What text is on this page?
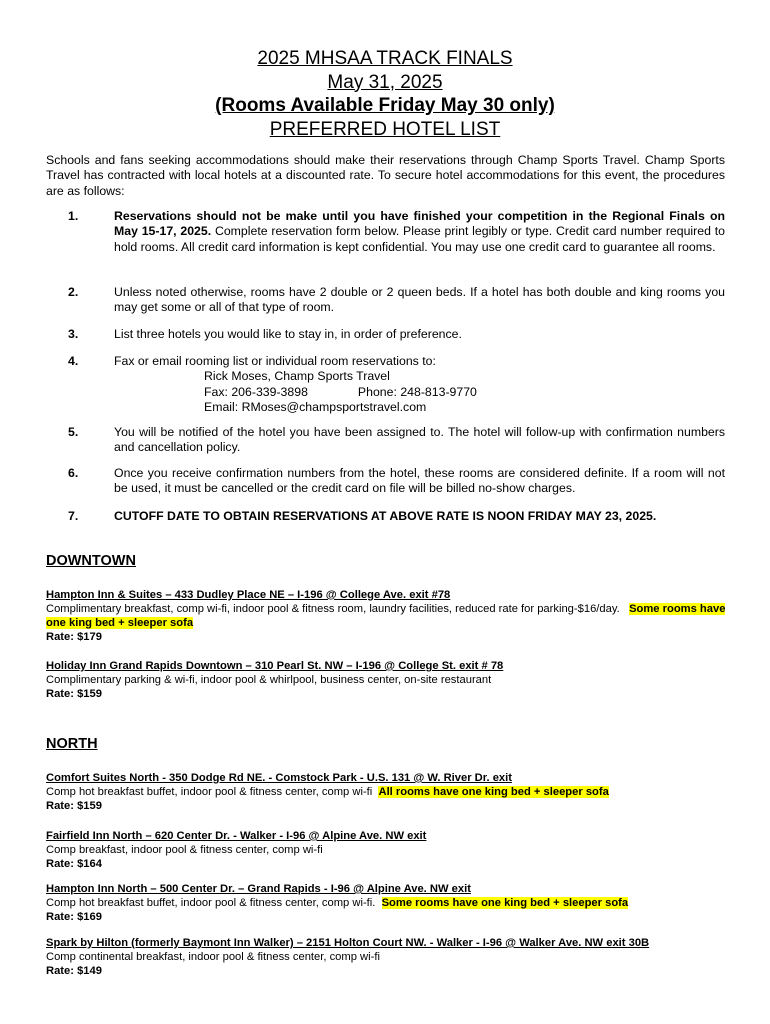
2025 MHSAA TRACK FINALS
May 31, 2025
(Rooms Available Friday May 30 only)
PREFERRED HOTEL LIST

Schools and fans seeking accommodations should make their reservations through Champ Sports Travel. Champ Sports Travel has contracted with local hotels at a discounted rate. To secure hotel accommodations for this event, the procedures are as follows:

1.	Reservations should not be make until you have finished your competition in the Regional Finals on May 15-17, 2025. Complete reservation form below. Please print legibly or type. Credit card number required to hold rooms. All credit card information is kept confidential. You may use one credit card to guarantee all rooms.
2.	Unless noted otherwise, rooms have 2 double or 2 queen beds. If a hotel has both double and king rooms you may get some or all of that type of room.
3.	List three hotels you would like to stay in, in order of preference.
4.	Fax or email rooming list or individual room reservations to:
Rick Moses, Champ Sports Travel
Fax: 206-339-3898	Phone: 248-813-9770
Email: RMoses@champsportstravel.com
5.	You will be notified of the hotel you have been assigned to. The hotel will follow-up with confirmation numbers and cancellation policy.
6.	Once you receive confirmation numbers from the hotel, these rooms are considered definite. If a room will not be used, it must be cancelled or the credit card on file will be billed no-show charges.
7.	CUTOFF DATE TO OBTAIN RESERVATIONS AT ABOVE RATE IS NOON FRIDAY MAY 23, 2025.
DOWNTOWN
Hampton Inn & Suites – 433 Dudley Place NE – I-196 @ College Ave. exit #78
Complimentary breakfast, comp wi-fi, indoor pool & fitness room, laundry facilities, reduced rate for parking-$16/day. Some rooms have one king bed + sleeper sofa
Rate: $179
Holiday Inn Grand Rapids Downtown – 310 Pearl St. NW – I-196 @ College St. exit # 78
Complimentary parking & wi-fi, indoor pool & whirlpool, business center, on-site restaurant
Rate: $159
NORTH
Comfort Suites North - 350 Dodge Rd NE. - Comstock Park - U.S. 131 @ W. River Dr. exit
Comp hot breakfast buffet, indoor pool & fitness center, comp wi-fi All rooms have one king bed + sleeper sofa
Rate: $159
Fairfield Inn North – 620 Center Dr. - Walker - I-96 @ Alpine Ave. NW exit
Comp breakfast, indoor pool & fitness center, comp wi-fi
Rate: $164
Hampton Inn North – 500 Center Dr. – Grand Rapids - I-96 @ Alpine Ave. NW exit
Comp hot breakfast buffet, indoor pool & fitness center, comp wi-fi. Some rooms have one king bed + sleeper sofa
Rate: $169
Spark by Hilton (formerly Baymont Inn Walker) – 2151 Holton Court NW. - Walker - I-96 @ Walker Ave. NW exit 30B
Comp continental breakfast, indoor pool & fitness center, comp wi-fi
Rate: $149
